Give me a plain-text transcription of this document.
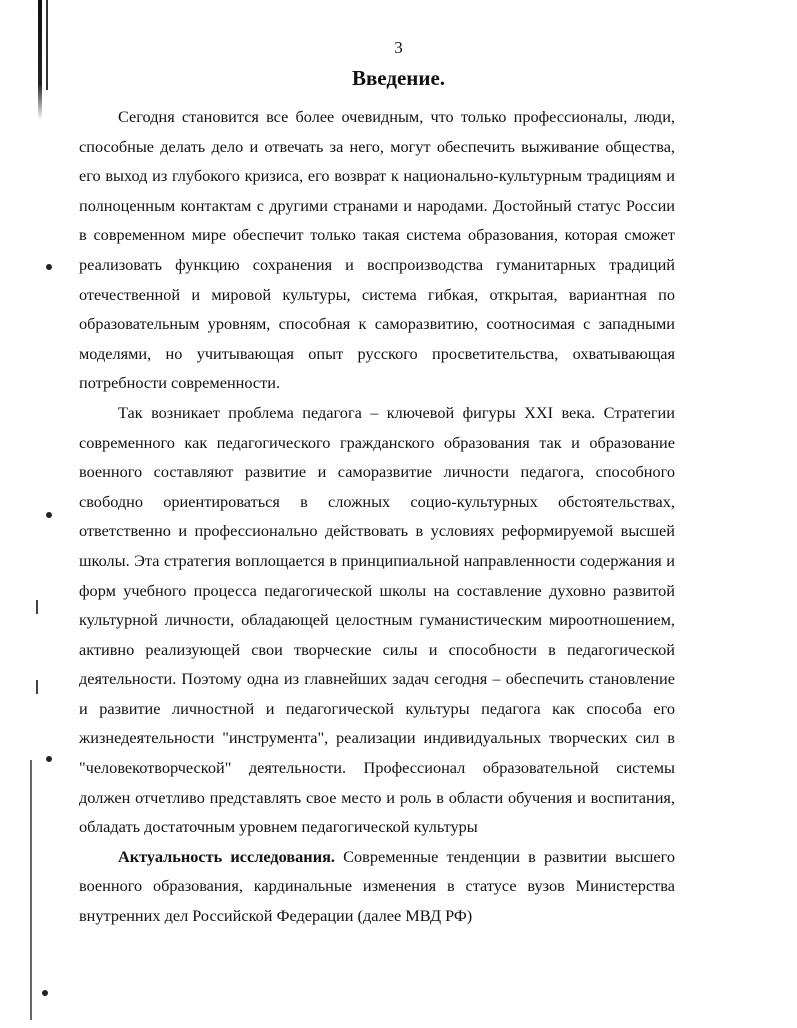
3
Введение.

Сегодня становится все более очевидным, что только профессионалы, люди, способные делать дело и отвечать за него, могут обеспечить выживание общества, его выход из глубокого кризиса, его возврат к национально-культурным традициям и полноценным контактам с другими странами и народами. Достойный статус России в современном мире обеспечит только такая система образования, которая сможет реализовать функцию сохранения и воспроизводства гуманитарных традиций отечественной и мировой культуры, система гибкая, открытая, вариантная по образовательным уровням, способная к саморазвитию, соотносимая с западными моделями, но учитывающая опыт русского просветительства, охватывающая потребности современности.

Так возникает проблема педагога – ключевой фигуры XXI века. Стратегии современного как педагогического гражданского образования так и образование военного составляют развитие и саморазвитие личности педагога, способного свободно ориентироваться в сложных социо-культурных обстоятельствах, ответственно и профессионально действовать в условиях реформируемой высшей школы. Эта стратегия воплощается в принципиальной направленности содержания и форм учебного процесса педагогической школы на составление духовно развитой культурной личности, обладающей целостным гуманистическим мироотношением, активно реализующей свои творческие силы и способности в педагогической деятельности. Поэтому одна из главнейших задач сегодня – обеспечить становление и развитие личностной и педагогической культуры педагога как способа его жизнедеятельности "инструмента", реализации индивидуальных творческих сил в "человекотворческой" деятельности. Профессионал образовательной системы должен отчетливо представлять свое место и роль в области обучения и воспитания, обладать достаточным уровнем педагогической культуры

Актуальность исследования. Современные тенденции в развитии высшего военного образования, кардинальные изменения в статусе вузов Министерства внутренних дел Российской Федерации (далее МВД РФ)
